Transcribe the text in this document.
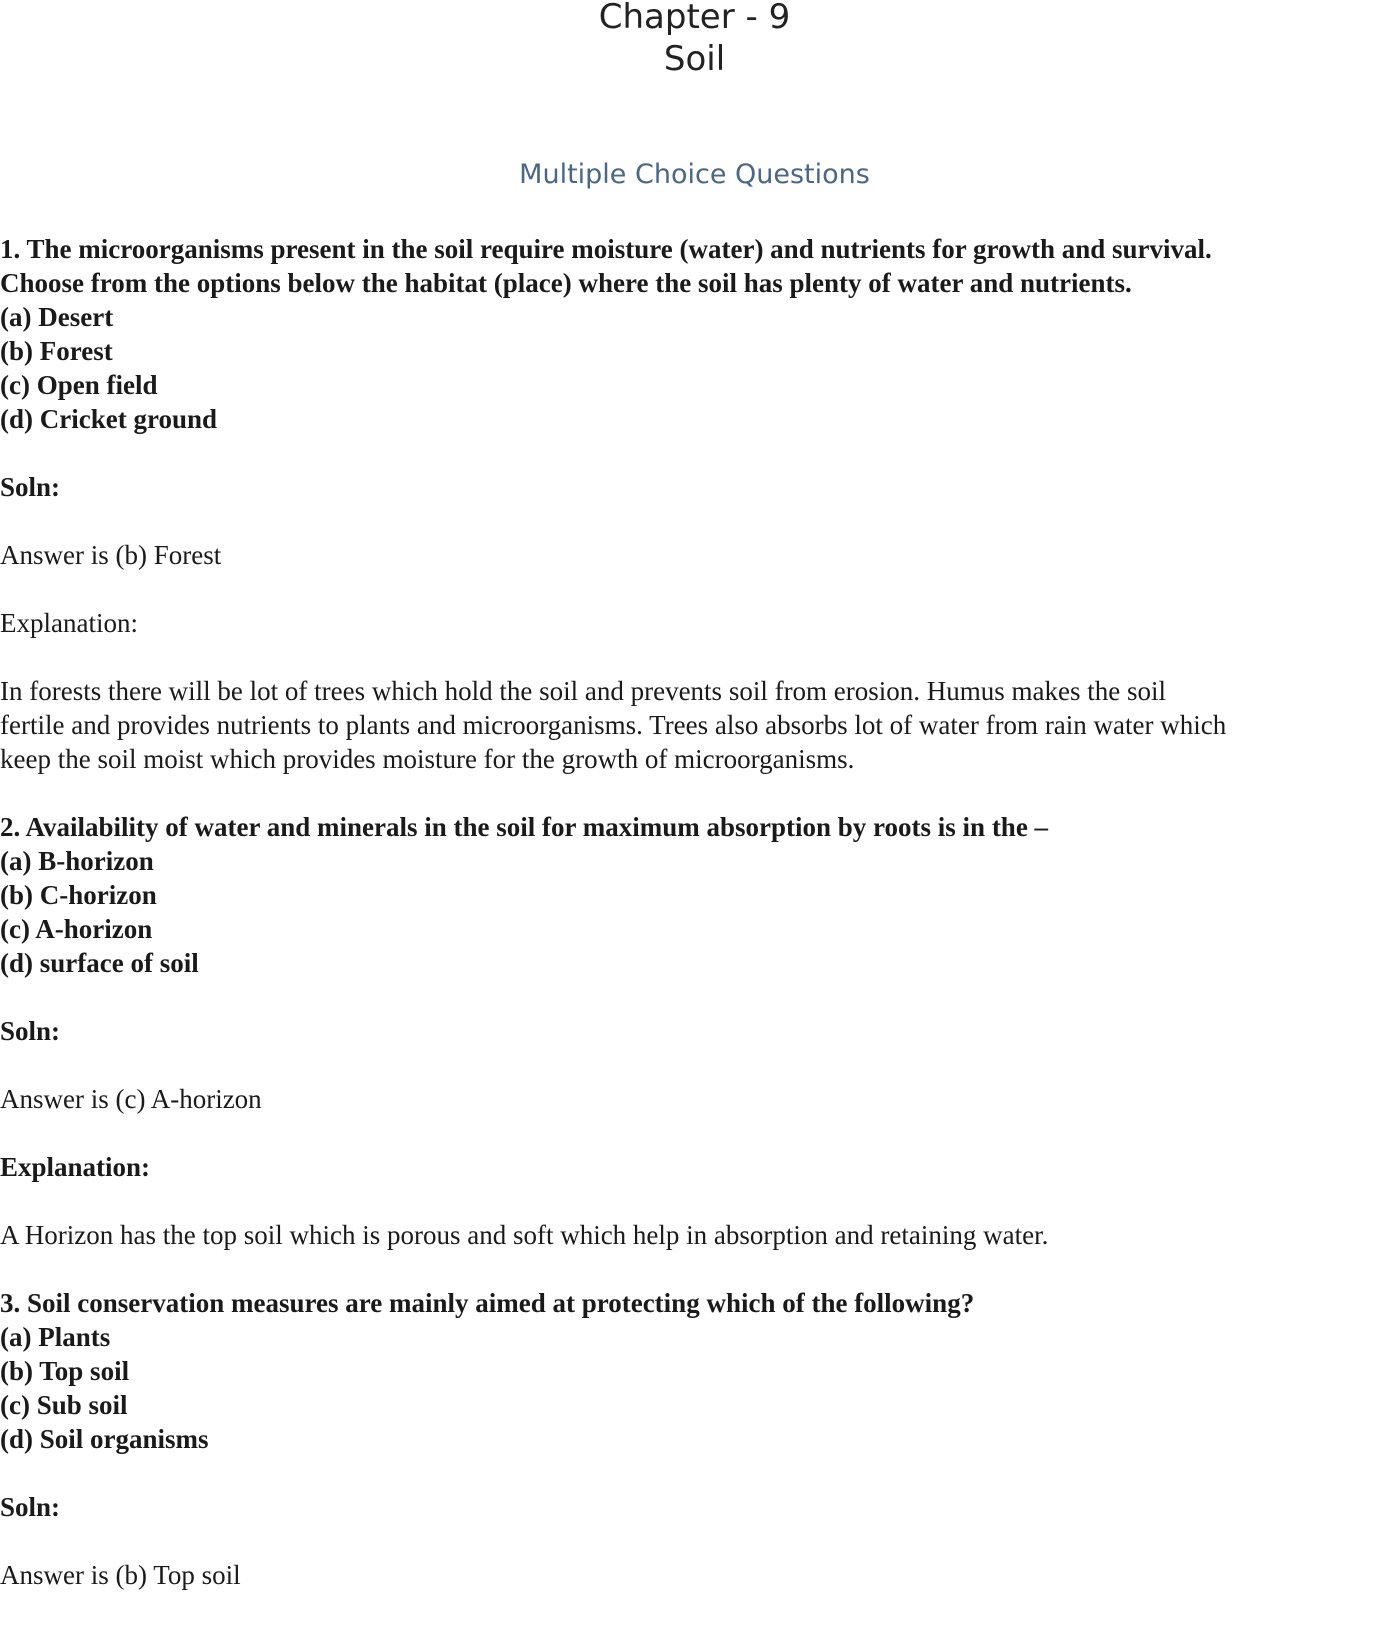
Chapter - 9
Soil
Multiple Choice Questions
1. The microorganisms present in the soil require moisture (water) and nutrients for growth and survival.
Choose from the options below the habitat (place) where the soil has plenty of water and nutrients.
(a) Desert
(b) Forest
(c) Open field
(d) Cricket ground
Soln:
Answer is (b) Forest
Explanation:
In forests there will be lot of trees which hold the soil and prevents soil from erosion. Humus makes the soil
fertile and provides nutrients to plants and microorganisms. Trees also absorbs lot of water from rain water which
keep the soil moist which provides moisture for the growth of microorganisms.
2. Availability of water and minerals in the soil for maximum absorption by roots is in the –
(a) B-horizon
(b) C-horizon
(c) A-horizon
(d) surface of soil
Soln:
Answer is (c) A-horizon
Explanation:
A Horizon has the top soil which is porous and soft which help in absorption and retaining water.
3. Soil conservation measures are mainly aimed at protecting which of the following?
(a) Plants
(b) Top soil
(c) Sub soil
(d) Soil organisms
Soln:
Answer is (b) Top soil
